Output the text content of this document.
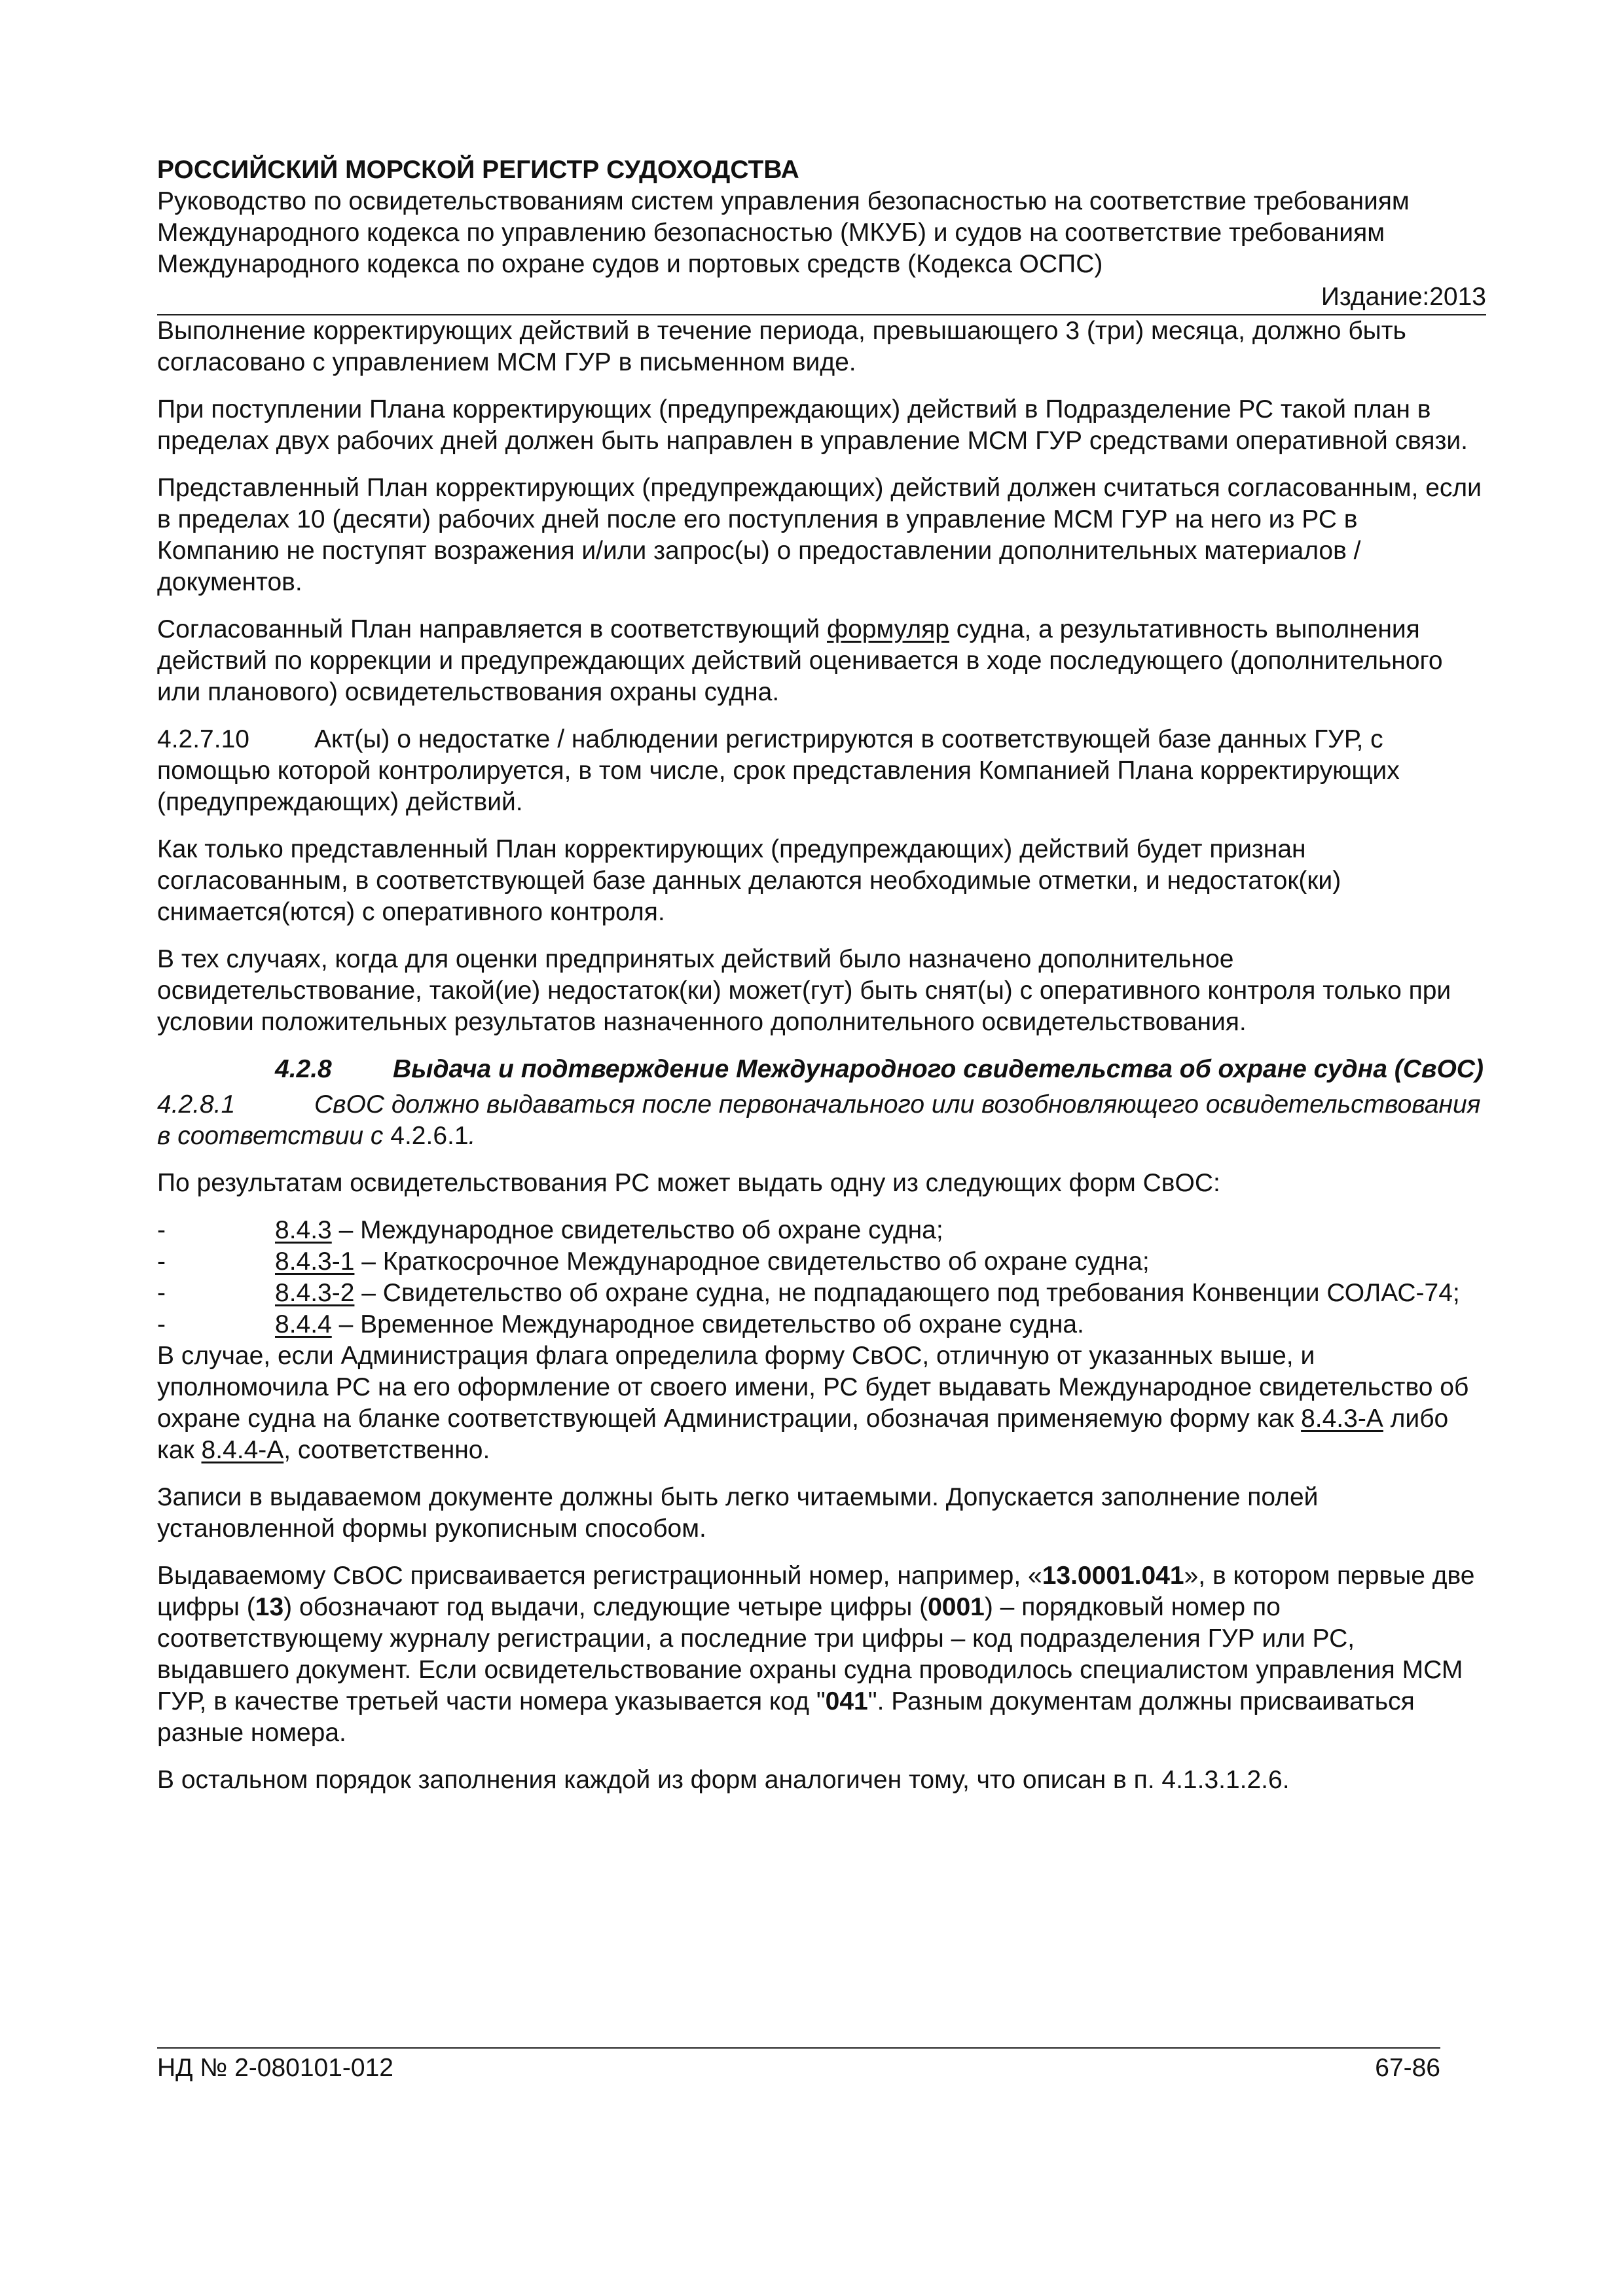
РОССИЙСКИЙ МОРСКОЙ РЕГИСТР СУДОХОДСТВА
Руководство по освидетельствованиям систем управления безопасностью на соответствие требованиям Международного кодекса по управлению безопасностью (МКУБ) и судов на соответствие требованиям Международного кодекса по охране судов и портовых средств (Кодекса ОСПС)
Издание:2013

Выполнение корректирующих действий в течение периода, превышающего 3 (три) месяца, должно быть согласовано с управлением МСМ ГУР в письменном виде.

При поступлении Плана корректирующих (предупреждающих) действий в Подразделение РС такой план в пределах двух рабочих дней должен быть направлен в управление МСМ ГУР средствами оперативной связи.

Представленный План корректирующих (предупреждающих) действий должен считаться согласованным, если в пределах 10 (десяти) рабочих дней после его поступления в управление МСМ ГУР на него из РС в Компанию не поступят возражения и/или запрос(ы) о предоставлении дополнительных материалов / документов.

Согласованный План направляется в соответствующий формуляр судна, а результативность выполнения действий по коррекции и предупреждающих действий оценивается в ходе последующего (дополнительного или планового) освидетельствования охраны судна.

4.2.7.10	Акт(ы) о недостатке / наблюдении регистрируются в соответствующей базе данных ГУР, с помощью которой контролируется, в том числе, срок представления Компанией Плана корректирующих (предупреждающих) действий.

Как только представленный План корректирующих (предупреждающих) действий будет признан согласованным, в соответствующей базе данных делаются необходимые отметки, и недостаток(ки) снимается(ются) с оперативного контроля.

В тех случаях, когда для оценки предпринятых действий было назначено дополнительное освидетельствование, такой(ие) недостаток(ки) может(гут) быть снят(ы) с оперативного контроля только при условии положительных результатов назначенного дополнительного освидетельствования.

4.2.8	Выдача и подтверждение Международного свидетельства об охране судна (СвОС)

4.2.8.1	СвОС должно выдаваться после первоначального или возобновляющего освидетельствования в соответствии с 4.2.6.1.

По результатам освидетельствования РС может выдать одну из следующих форм СвОС:

-	8.4.3 – Международное свидетельство об охране судна;
-	8.4.3-1 – Краткосрочное Международное свидетельство об охране судна;
-	8.4.3-2 – Свидетельство об охране судна, не подпадающего под требования Конвенции СОЛАС-74;
-	8.4.4 – Временное Международное свидетельство об охране судна.

В случае, если Администрация флага определила форму СвОС, отличную от указанных выше, и уполномочила РС на его оформление от своего имени, РС будет выдавать Международное свидетельство об охране судна на бланке соответствующей Администрации, обозначая применяемую форму как 8.4.3-А либо как 8.4.4-А, соответственно.

Записи в выдаваемом документе должны быть легко читаемыми. Допускается заполнение полей установленной формы рукописным способом.

Выдаваемому СвОС присваивается регистрационный номер, например, «13.0001.041», в котором первые две цифры (13) обозначают год выдачи, следующие четыре цифры (0001) – порядковый номер по соответствующему журналу регистрации, а последние три цифры – код подразделения ГУР или РС, выдавшего документ. Если освидетельствование охраны судна проводилось специалистом управления МСМ ГУР, в качестве третьей части номера указывается код "041". Разным документам должны присваиваться разные номера.

В остальном порядок заполнения каждой из форм аналогичен тому, что описан в п. 4.1.3.1.2.6.

НД № 2-080101-012	67-86
